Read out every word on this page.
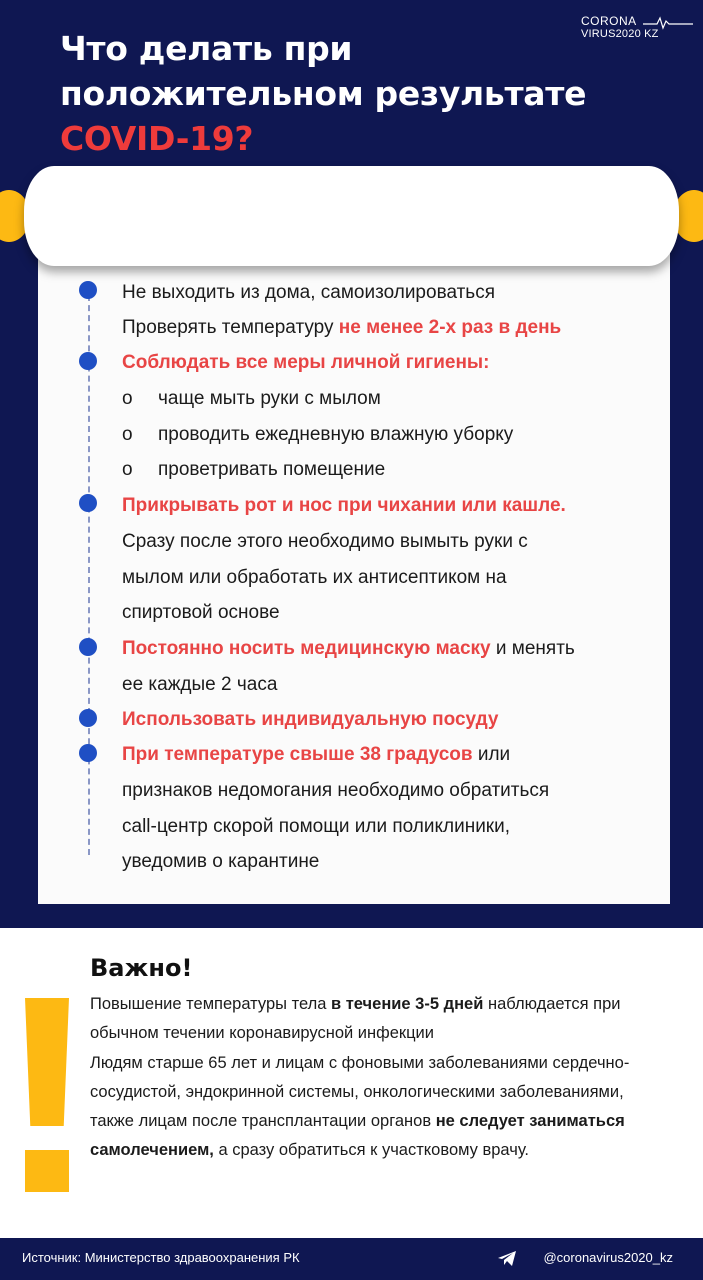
CORONA
VIRUS2020 KZ
Что делать при
положительном результате
COVID-19?
Не выходить из дома, самоизолироваться
Проверять температуру не менее 2-х раз в день
Соблюдать все меры личной гигиены:
o чаще мыть руки с мылом
o проводить ежедневную влажную уборку
o проветривать помещение
Прикрывать рот и нос при чихании или кашле.
Сразу после этого необходимо вымыть руки с
мылом или обработать их антисептиком на
спиртовой основе
Постоянно носить медицинскую маску и менять
ее каждые 2 часа
Использовать индивидуальную посуду
При температуре свыше 38 градусов или
признаков недомогания необходимо обратиться
call-центр скорой помощи или поликлиники,
уведомив о карантине
Важно!
Повышение температуры тела в течение 3-5 дней наблюдается при обычном течении коронавирусной инфекции
Людям старше 65 лет и лицам с фоновыми заболеваниями сердечно-сосудистой, эндокринной системы, онкологическими заболеваниями, также лицам после трансплантации органов не следует заниматься самолечением, а сразу обратиться к участковому врачу.
Источник: Министерство здравоохранения РК	@coronavirus2020_kz
